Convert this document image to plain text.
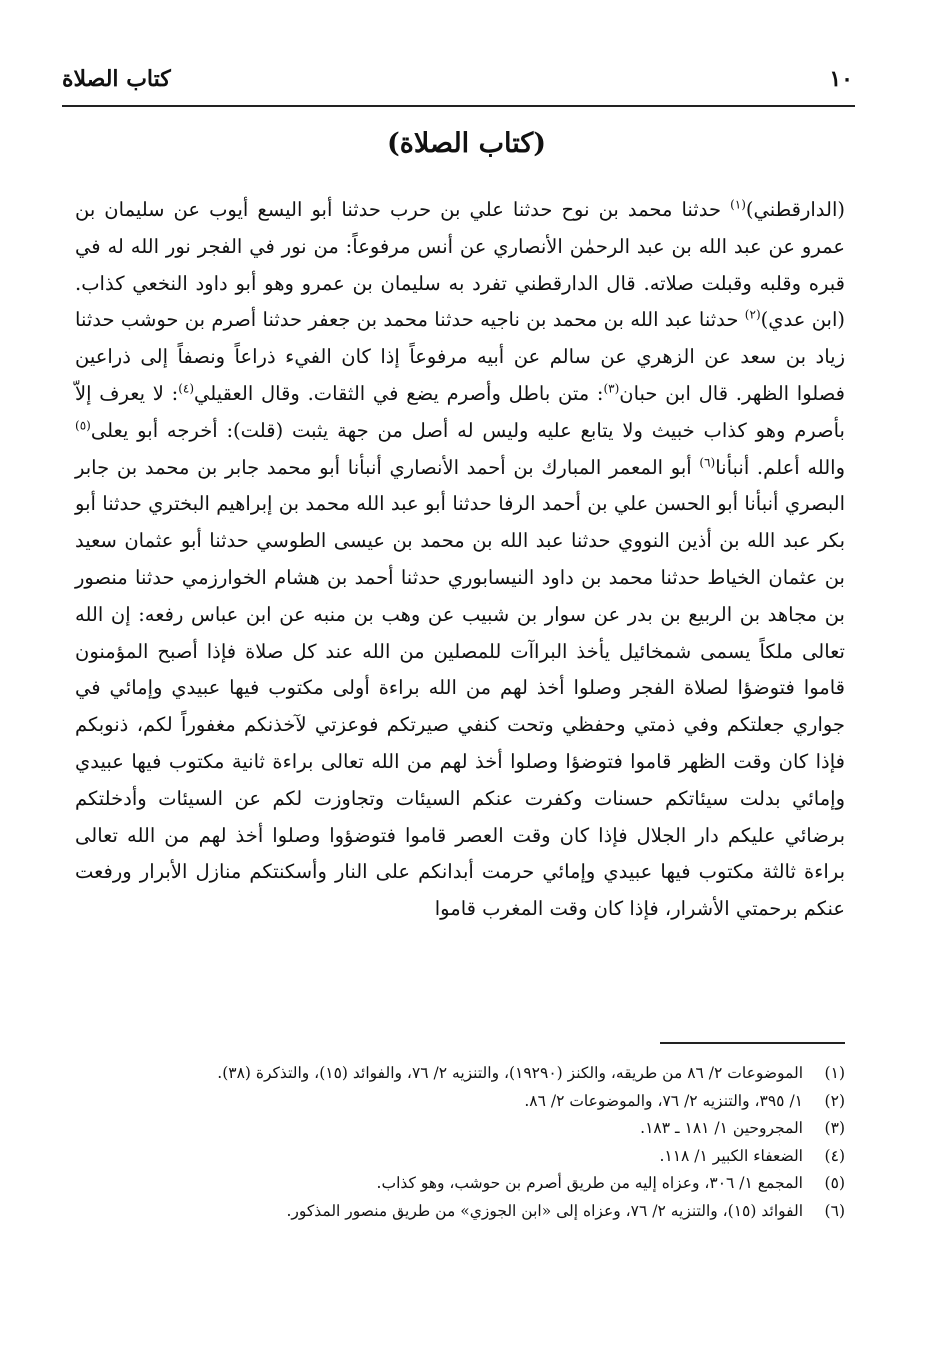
١٠
كتاب الصلاة
(كتاب الصلاة)
(الدارقطني)$^{(١)}$ حدثنا محمد بن نوح حدثنا علي بن حرب حدثنا أبو اليسع أيوب عن سليمان بن عمرو عن عبد الله بن عبد الرحمٰن الأنصاري عن أنس مرفوعاً: من نور في الفجر نور الله له في قبره وقلبه وقبلت صلاته. قال الدارقطني تفرد به سليمان بن عمرو وهو أبو داود النخعي كذاب. (ابن عدي)$^{(٢)}$ حدثنا عبد الله بن محمد بن ناجيه حدثنا محمد بن جعفر حدثنا أصرم بن حوشب حدثنا زياد بن سعد عن الزهري عن سالم عن أبيه مرفوعاً إذا كان الفيء ذراعاً ونصفاً إلى ذراعين فصلوا الظهر. قال ابن حبان$^{(٣)}$: متن باطل وأصرم يضع في الثقات. وقال العقيلي$^{(٤)}$: لا يعرف إلاّ بأصرم وهو كذاب خبيث ولا يتابع عليه وليس له أصل من جهة يثبت (قلت): أخرجه أبو يعلى$^{(٥)}$ والله أعلم. أنبأنا$^{(٦)}$ أبو المعمر المبارك بن أحمد الأنصاري أنبأنا أبو محمد جابر بن محمد بن جابر البصري أنبأنا أبو الحسن علي بن أحمد الرفا حدثنا أبو عبد الله محمد بن إبراهيم البختري حدثنا أبو بكر عبد الله بن أذين النووي حدثنا عبد الله بن محمد بن عيسى الطوسي حدثنا أبو عثمان سعيد بن عثمان الخياط حدثنا محمد بن داود النيسابوري حدثنا أحمد بن هشام الخوارزمي حدثنا منصور بن مجاهد بن الربيع بن بدر عن سوار بن شبيب عن وهب بن منبه عن ابن عباس رفعه: إن الله تعالى ملكاً يسمى شمخائيل يأخذ البراآت للمصلين من الله عند كل صلاة فإذا أصبح المؤمنون قاموا فتوضؤا لصلاة الفجر وصلوا أخذ لهم من الله براءة أولى مكتوب فيها عبيدي وإمائي في جواري جعلتكم وفي ذمتي وحفظي وتحت كنفي صيرتكم فوعزتي لآخذنكم مغفوراً لكم، ذنوبكم فإذا كان وقت الظهر قاموا فتوضؤا وصلوا أخذ لهم من الله تعالى براءة ثانية مكتوب فيها عبيدي وإمائي بدلت سيئاتكم حسنات وكفرت عنكم السيئات وتجاوزت لكم عن السيئات وأدخلتكم برضائي عليكم دار الجلال فإذا كان وقت العصر قاموا فتوضؤوا وصلوا أخذ لهم من الله تعالى براءة ثالثة مكتوب فيها عبيدي وإمائي حرمت أبدانكم على النار وأسكنتكم منازل الأبرار ورفعت عنكم برحمتي الأشرار، فإذا كان وقت المغرب قاموا
(١)
الموضوعات ٢/ ٨٦ من طريقه، والكنز (١٩٢٩٠)، والتنزيه ٢/ ٧٦، والفوائد (١٥)، والتذكرة (٣٨).
(٢)
١/ ٣٩٥، والتنزيه ٢/ ٧٦، والموضوعات ٢/ ٨٦.
(٣)
المجروحين ١/ ١٨١ ـ ١٨٣.
(٤)
الضعفاء الكبير ١/ ١١٨.
(٥)
المجمع ١/ ٣٠٦، وعزاه إليه من طريق أصرم بن حوشب، وهو كذاب.
(٦)
الفوائد (١٥)، والتنزيه ٢/ ٧٦، وعزاه إلى «ابن الجوزي» من طريق منصور المذكور.
